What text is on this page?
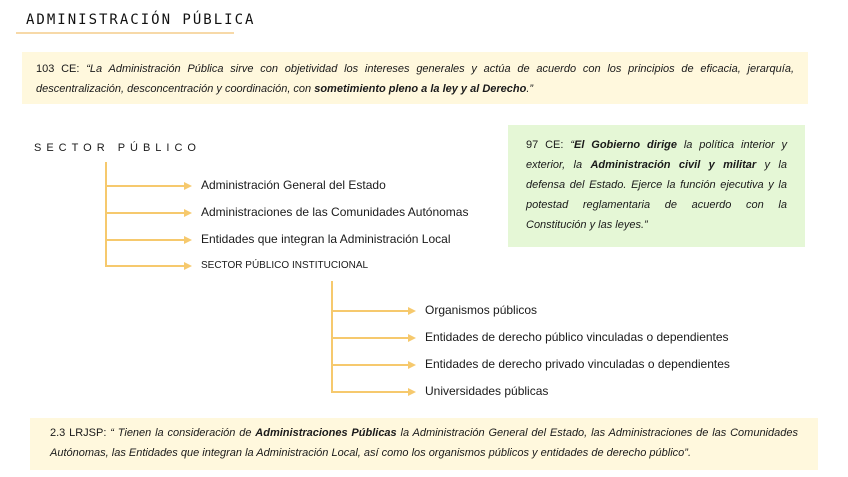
ADMINISTRACIÓN PÚBLICA
103 CE: “La Administración Pública sirve con objetividad los intereses generales y actúa de acuerdo con los principios de eficacia, jerarquía, descentralización, desconcentración y coordinación, con sometimiento pleno a la ley y al Derecho.”
97 CE: “El Gobierno dirige la política interior y exterior, la Administración civil y militar y la defensa del Estado. Ejerce la función ejecutiva y la potestad reglamentaria de acuerdo con la Constitución y las leyes.”
SECTOR PÚBLICO
Administración General del Estado
Administraciones de las Comunidades Autónomas
Entidades que integran la Administración Local
SECTOR PÚBLICO INSTITUCIONAL
Organismos públicos
Entidades de derecho público vinculadas o dependientes
Entidades de derecho privado vinculadas o dependientes
Universidades públicas
2.3 LRJSP: “ Tienen la consideración de Administraciones Públicas la Administración General del Estado, las Administraciones de las Comunidades Autónomas, las Entidades que integran la Administración Local, así como los organismos públicos y entidades de derecho público”.
